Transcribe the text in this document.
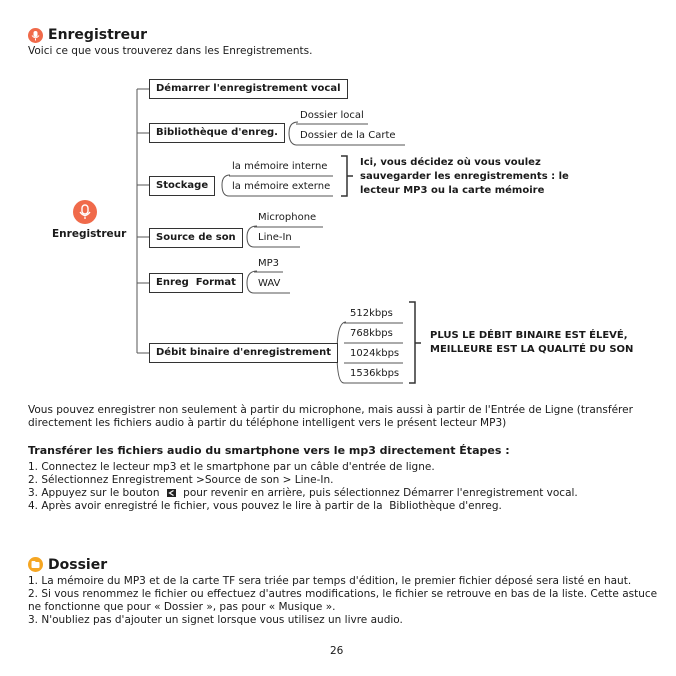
Enregistreur
Voici ce que vous trouverez dans les Enregistrements.
Enregistreur
Démarrer l'enregistrement vocal
Bibliothèque d'enreg.
Stockage
Source de son
Enreg  Format
Débit binaire d'enregistrement
Dossier local
Dossier de la Carte
la mémoire interne
la mémoire externe
Microphone
Line-In
MP3
WAV
512kbps
768kbps
1024kbps
1536kbps
Ici, vous décidez où vous voulez
sauvegarder les enregistrements : le
lecteur MP3 ou la carte mémoire
PLUS LE DÉBIT BINAIRE EST ÉLEVÉ,
MEILLEURE EST LA QUALITÉ DU SON
Vous pouvez enregistrer non seulement à partir du microphone, mais aussi à partir de l'Entrée de Ligne (transférer
directement les fichiers audio à partir du téléphone intelligent vers le présent lecteur MP3)
Transférer les fichiers audio du smartphone vers le mp3 directement Étapes :
1. Connectez le lecteur mp3 et le smartphone par un câble d'entrée de ligne.
2. Sélectionnez Enregistrement >Source de son > Line-In.
3. Appuyez sur le bouton pour revenir en arrière, puis sélectionnez Démarrer l'enregistrement vocal.
4. Après avoir enregistré le fichier, vous pouvez le lire à partir de la  Bibliothèque d'enreg.
Dossier
1. La mémoire du MP3 et de la carte TF sera triée par temps d'édition, le premier fichier déposé sera listé en haut.
2. Si vous renommez le fichier ou effectuez d'autres modifications, le fichier se retrouve en bas de la liste. Cette astuce
ne fonctionne que pour « Dossier », pas pour « Musique ».
3. N'oubliez pas d'ajouter un signet lorsque vous utilisez un livre audio.
26
